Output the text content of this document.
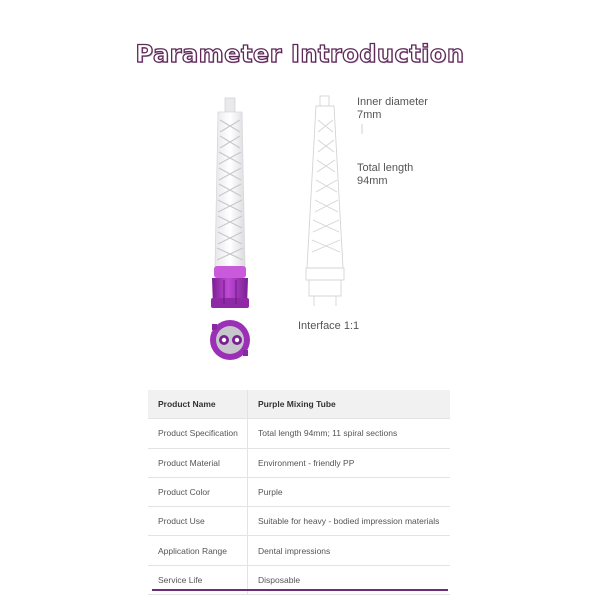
Parameter Introduction
Inner diameter
7mm
Total length
94mm
Interface 1:1
Product Name	Purple Mixing Tube
Product Specification	Total length 94mm; 11 spiral sections
Product Material	Environment - friendly PP
Product Color	Purple
Product Use	Suitable for heavy - bodied impression materials
Application Range	Dental impressions
Service Life	Disposable
